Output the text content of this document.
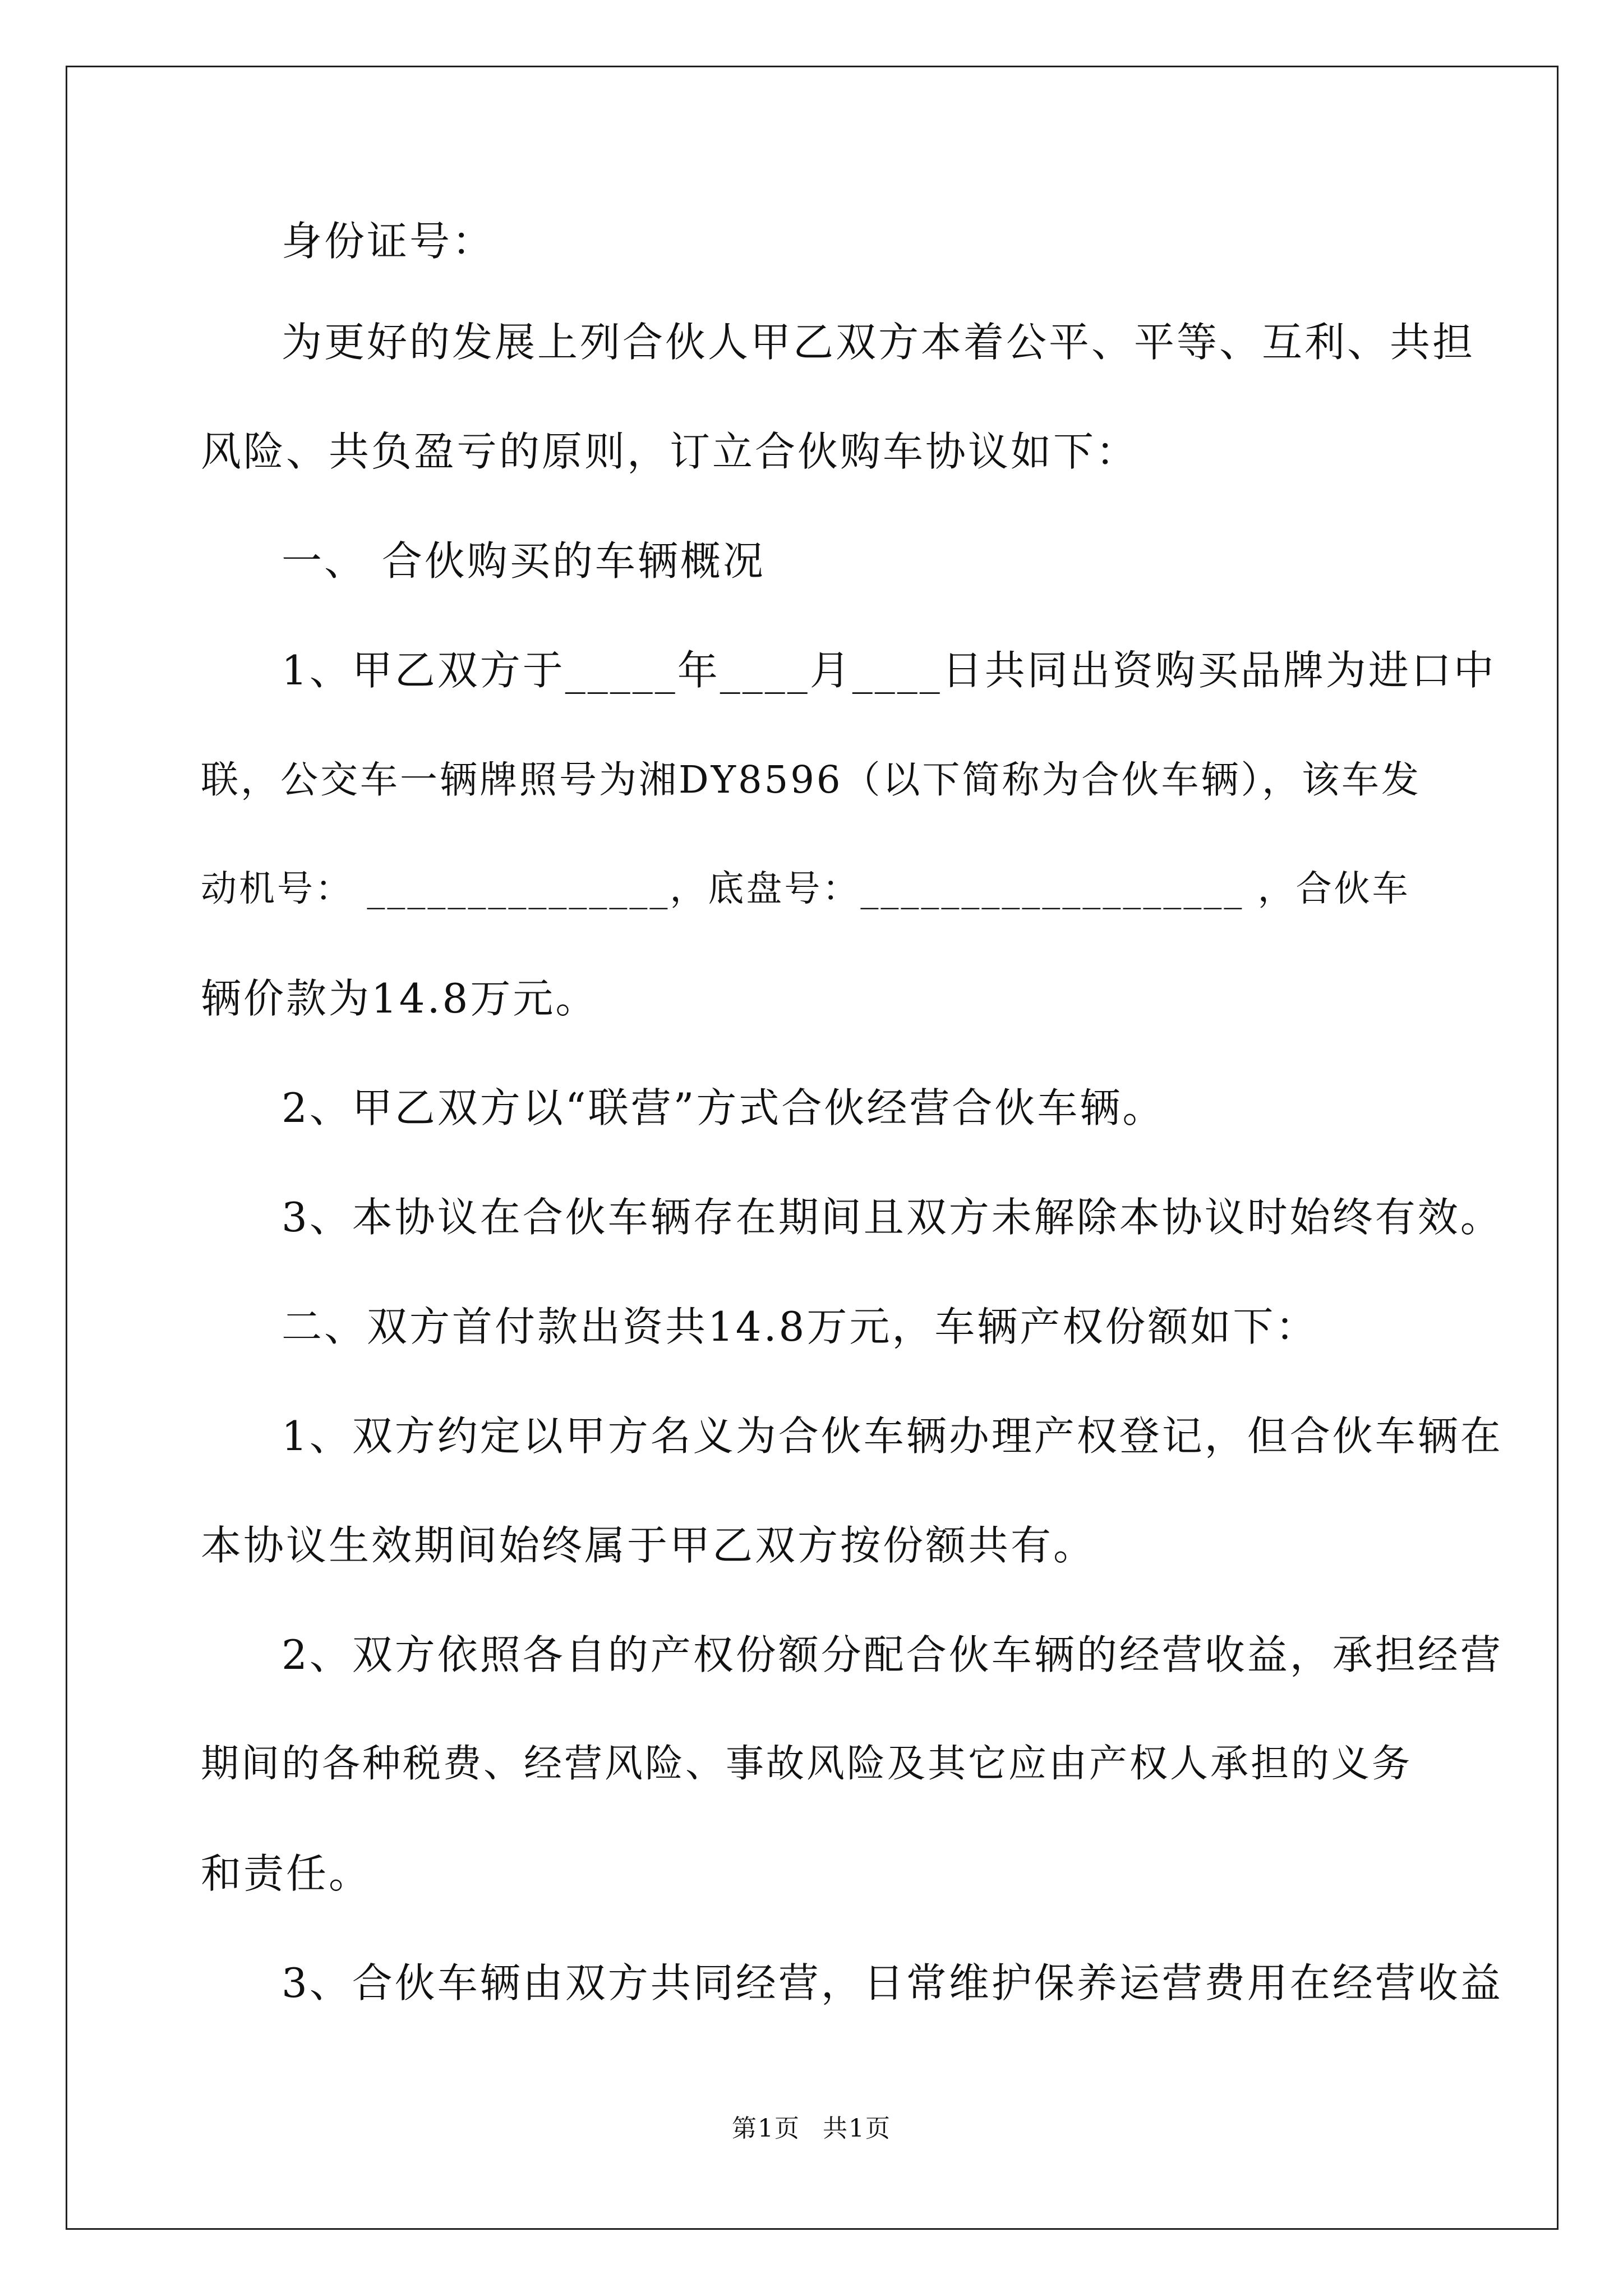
身份证号：
为更好的发展上列合伙人甲乙双方本着公平、平等、互利、共担
风险、共负盈亏的原则，订立合伙购车协议如下：
一、 合伙购买的车辆概况
1、甲乙双方于_____年____月____日共同出资购买品牌为进口中
联，公交车一辆牌照号为湘DY8596（以下简称为合伙车辆），该车发
动机号： _______________，底盘号：___________________ ，合伙车
辆价款为14.8万元。
2、甲乙双方以“联营”方式合伙经营合伙车辆。
3、本协议在合伙车辆存在期间且双方未解除本协议时始终有效。
二、双方首付款出资共14.8万元，车辆产权份额如下：
1、双方约定以甲方名义为合伙车辆办理产权登记，但合伙车辆在
本协议生效期间始终属于甲乙双方按份额共有。
2、双方依照各自的产权份额分配合伙车辆的经营收益，承担经营
期间的各种税费、经营风险、事故风险及其它应由产权人承担的义务
和责任。
3、合伙车辆由双方共同经营，日常维护保养运营费用在经营收益
第1页 共1页
